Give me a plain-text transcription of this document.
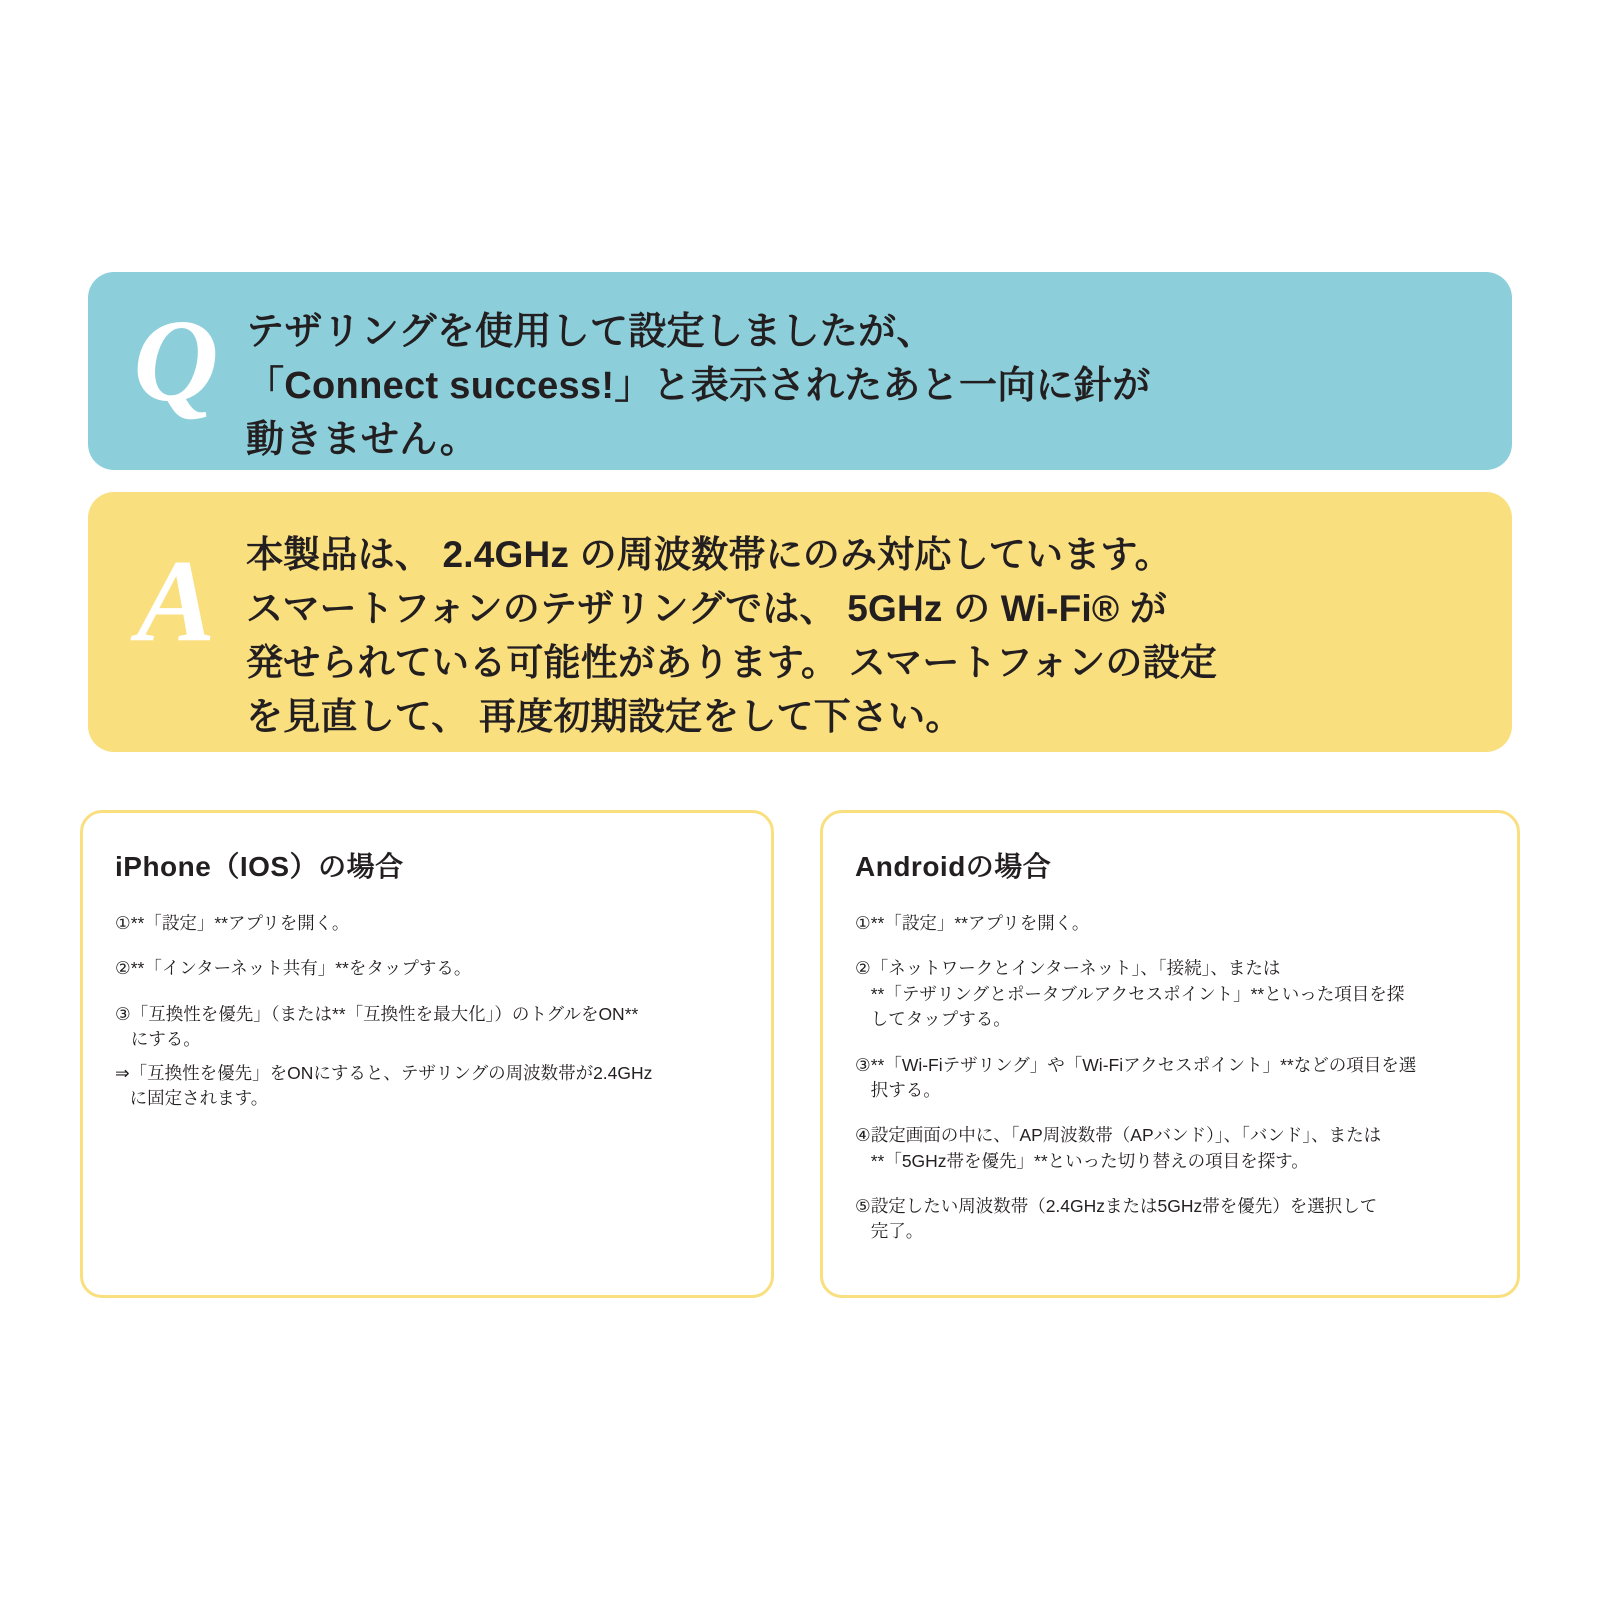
Q テザリングを使用して設定しましたが、
「Connect success!」と表示されたあと一向に針が
動きません。
A 本製品は、 2.4GHz の周波数帯にのみ対応しています。
スマートフォンのテザリングでは、 5GHz の Wi-Fi® が
発せられている可能性があります。 スマートフォンの設定
を見直して、 再度初期設定をして下さい。
iPhone（IOS）の場合
① **「設定」**アプリを開く。
② **「インターネット共有」**をタップする。
③ 「互換性を優先」（または**「互換性を最大化」）のトグルをON**
にする。
⇒ 「互換性を優先」をONにすると、テザリングの周波数帯が2.4GHz
に固定されます。
Androidの場合
① **「設定」**アプリを開く。
② 「ネットワークとインターネット」、「接続」、または
**「テザリングとポータブルアクセスポイント」**といった項目を探
してタップする。
③ **「Wi-Fiテザリング」や「Wi-Fiアクセスポイント」**などの項目を選
択する。
④ 設定画面の中に、「AP周波数帯（APバンド）」、「バンド」、または
**「5GHz帯を優先」**といった切り替えの項目を探す。
⑤ 設定したい周波数帯（2.4GHzまたは5GHz帯を優先）を選択して
完了。
